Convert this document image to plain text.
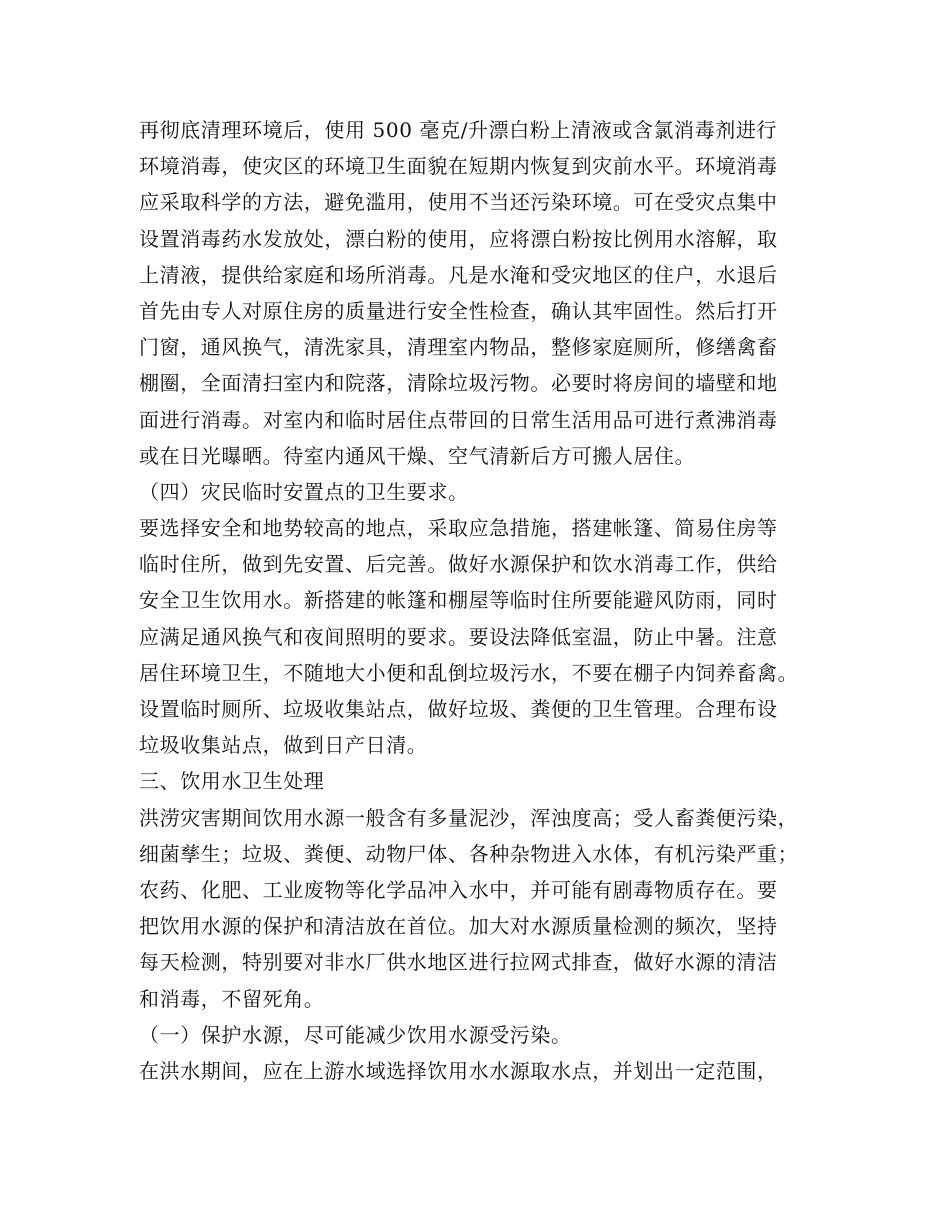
再彻底清理环境后，使用 500 毫克/升漂白粉上清液或含氯消毒剂进行
环境消毒，使灾区的环境卫生面貌在短期内恢复到灾前水平。环境消毒
应采取科学的方法，避免滥用，使用不当还污染环境。可在受灾点集中
设置消毒药水发放处，漂白粉的使用，应将漂白粉按比例用水溶解，取
上清液，提供给家庭和场所消毒。凡是水淹和受灾地区的住户，水退后
首先由专人对原住房的质量进行安全性检查，确认其牢固性。然后打开
门窗，通风换气，清洗家具，清理室内物品，整修家庭厕所，修缮禽畜
棚圈，全面清扫室内和院落，清除垃圾污物。必要时将房间的墙壁和地
面进行消毒。对室内和临时居住点带回的日常生活用品可进行煮沸消毒
或在日光曝晒。待室内通风干燥、空气清新后方可搬人居住。
（四）灾民临时安置点的卫生要求。
要选择安全和地势较高的地点，采取应急措施，搭建帐篷、简易住房等
临时住所，做到先安置、后完善。做好水源保护和饮水消毒工作，供给
安全卫生饮用水。新搭建的帐篷和棚屋等临时住所要能避风防雨，同时
应满足通风换气和夜间照明的要求。要设法降低室温，防止中暑。注意
居住环境卫生，不随地大小便和乱倒垃圾污水，不要在棚子内饲养畜禽。
设置临时厕所、垃圾收集站点，做好垃圾、粪便的卫生管理。合理布设
垃圾收集站点，做到日产日清。
三、饮用水卫生处理
洪涝灾害期间饮用水源一般含有多量泥沙，浑浊度高；受人畜粪便污染，
细菌孳生；垃圾、粪便、动物尸体、各种杂物进入水体，有机污染严重；
农药、化肥、工业废物等化学品冲入水中，并可能有剧毒物质存在。要
把饮用水源的保护和清洁放在首位。加大对水源质量检测的频次，坚持
每天检测，特别要对非水厂供水地区进行拉网式排查，做好水源的清洁
和消毒，不留死角。
（一）保护水源，尽可能减少饮用水源受污染。
在洪水期间，应在上游水域选择饮用水水源取水点，并划出一定范围，
